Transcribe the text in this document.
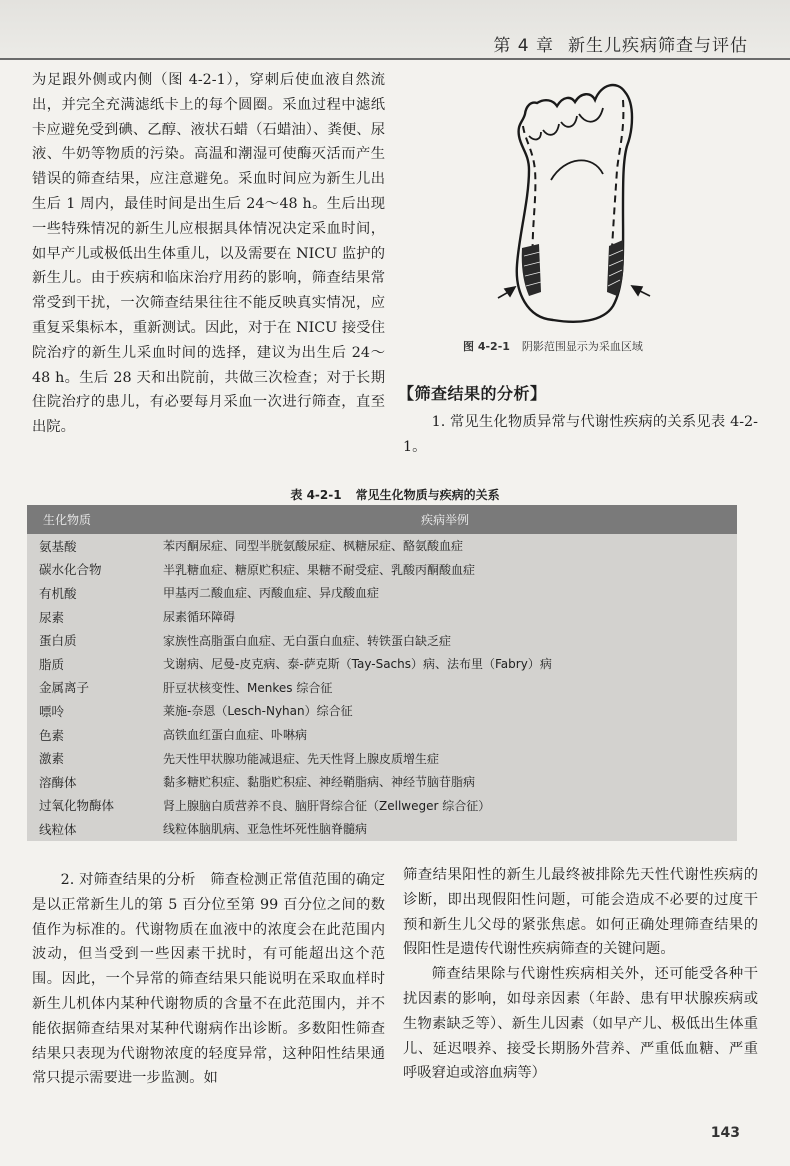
第 4 章 新生儿疾病筛查与评估

为足跟外侧或内侧（图 4-2-1），穿刺后使血液自然流出，并完全充满滤纸卡上的每个圆圈。采血过程中滤纸卡应避免受到碘、乙醇、液状石蜡（石蜡油）、粪便、尿液、牛奶等物质的污染。高温和潮湿可使酶灭活而产生错误的筛查结果，应注意避免。采血时间应为新生儿出生后 1 周内，最佳时间是出生后 24～48 h。生后出现一些特殊情况的新生儿应根据具体情况决定采血时间，如早产儿或极低出生体重儿，以及需要在 NICU 监护的新生儿。由于疾病和临床治疗用药的影响，筛查结果常常受到干扰，一次筛查结果往往不能反映真实情况，应重复采集标本，重新测试。因此，对于在 NICU 接受住院治疗的新生儿采血时间的选择，建议为出生后 24～48 h。生后 28 天和出院前，共做三次检查；对于长期住院治疗的患儿，有必要每月采血一次进行筛查，直至出院。

图 4-2-1 阴影范围显示为采血区域
【筛查结果的分析】

1. 常见生化物质异常与代谢性疾病的关系见表 4-2-1。

表 4-2-1 常见生化物质与疾病的关系
生化物质	疾病举例
氨基酸	苯丙酮尿症、同型半胱氨酸尿症、枫糖尿症、酪氨酸血症
碳水化合物	半乳糖血症、糖原贮积症、果糖不耐受症、乳酸丙酮酸血症
有机酸	甲基丙二酸血症、丙酸血症、异戊酸血症
尿素	尿素循环障碍
蛋白质	家族性高脂蛋白血症、无白蛋白血症、转铁蛋白缺乏症
脂质	戈谢病、尼曼-皮克病、泰-萨克斯（Tay-Sachs）病、法布里（Fabry）病
金属离子	肝豆状核变性、Menkes 综合征
嘌呤	莱施-奈恩（Lesch-Nyhan）综合征
色素	高铁血红蛋白血症、卟啉病
激素	先天性甲状腺功能减退症、先天性肾上腺皮质增生症
溶酶体	黏多糖贮积症、黏脂贮积症、神经鞘脂病、神经节脑苷脂病
过氧化物酶体	肾上腺脑白质营养不良、脑肝肾综合征（Zellweger 综合征）
线粒体	线粒体脑肌病、亚急性坏死性脑脊髓病

2. 对筛查结果的分析　筛查检测正常值范围的确定是以正常新生儿的第 5 百分位至第 99 百分位之间的数值作为标准的。代谢物质在血液中的浓度会在此范围内波动，但当受到一些因素干扰时，有可能超出这个范围。因此，一个异常的筛查结果只能说明在采取血样时新生儿机体内某种代谢物质的含量不在此范围内，并不能依据筛查结果对某种代谢病作出诊断。多数阳性筛查结果只表现为代谢物浓度的轻度异常，这种阳性结果通常只提示需要进一步监测。如

筛查结果阳性的新生儿最终被排除先天性代谢性疾病的诊断，即出现假阳性问题，可能会造成不必要的过度干预和新生儿父母的紧张焦虑。如何正确处理筛查结果的假阳性是遗传代谢性疾病筛查的关键问题。

筛查结果除与代谢性疾病相关外，还可能受各种干扰因素的影响，如母亲因素（年龄、患有甲状腺疾病或生物素缺乏等）、新生儿因素（如早产儿、极低出生体重儿、延迟喂养、接受长期肠外营养、严重低血糖、严重呼吸窘迫或溶血病等）

143
